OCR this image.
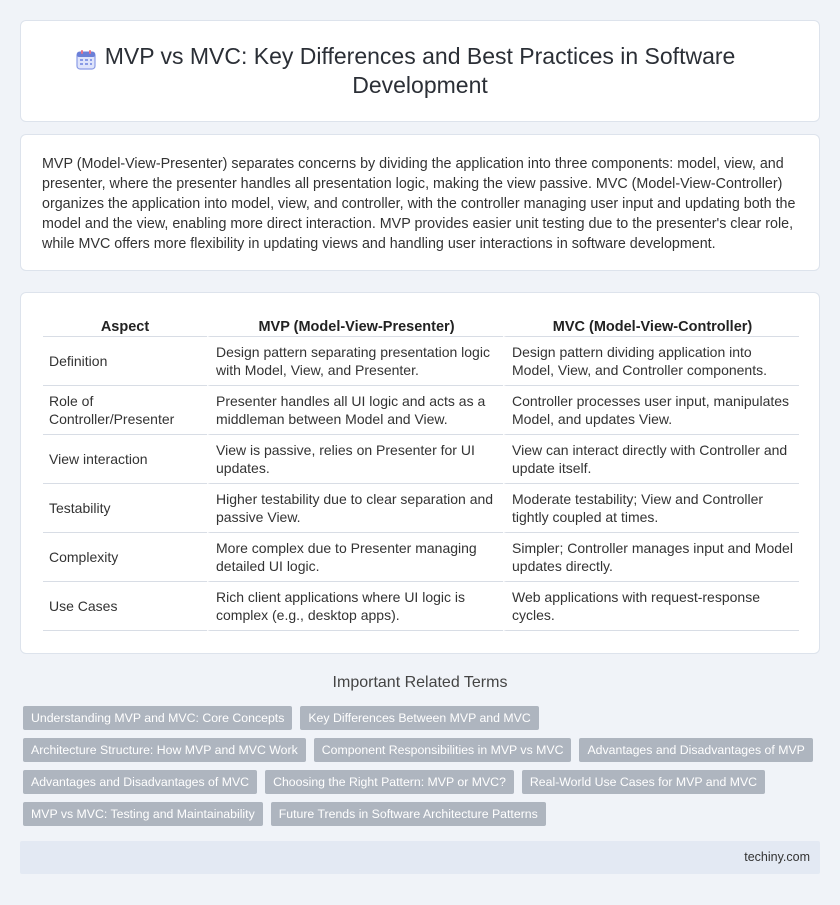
MVP vs MVC: Key Differences and Best Practices in Software Development

MVP (Model-View-Presenter) separates concerns by dividing the application into three components: model, view, and presenter, where the presenter handles all presentation logic, making the view passive. MVC (Model-View-Controller) organizes the application into model, view, and controller, with the controller managing user input and updating both the model and the view, enabling more direct interaction. MVP provides easier unit testing due to the presenter's clear role, while MVC offers more flexibility in updating views and handling user interactions in software development.

Aspect	MVP (Model-View-Presenter)	MVC (Model-View-Controller)
Definition	Design pattern separating presentation logic with Model, View, and Presenter.	Design pattern dividing application into Model, View, and Controller components.
Role of Controller/Presenter	Presenter handles all UI logic and acts as a middleman between Model and View.	Controller processes user input, manipulates Model, and updates View.
View interaction	View is passive, relies on Presenter for UI updates.	View can interact directly with Controller and update itself.
Testability	Higher testability due to clear separation and passive View.	Moderate testability; View and Controller tightly coupled at times.
Complexity	More complex due to Presenter managing detailed UI logic.	Simpler; Controller manages input and Model updates directly.
Use Cases	Rich client applications where UI logic is complex (e.g., desktop apps).	Web applications with request-response cycles.
Important Related Terms
Understanding MVP and MVC: Core Concepts	Key Differences Between MVP and MVC
Architecture Structure: How MVP and MVC Work	Component Responsibilities in MVP vs MVC	Advantages and Disadvantages of MVP
Advantages and Disadvantages of MVC	Choosing the Right Pattern: MVP or MVC?	Real-World Use Cases for MVP and MVC
MVP vs MVC: Testing and Maintainability	Future Trends in Software Architecture Patterns
techiny.com
